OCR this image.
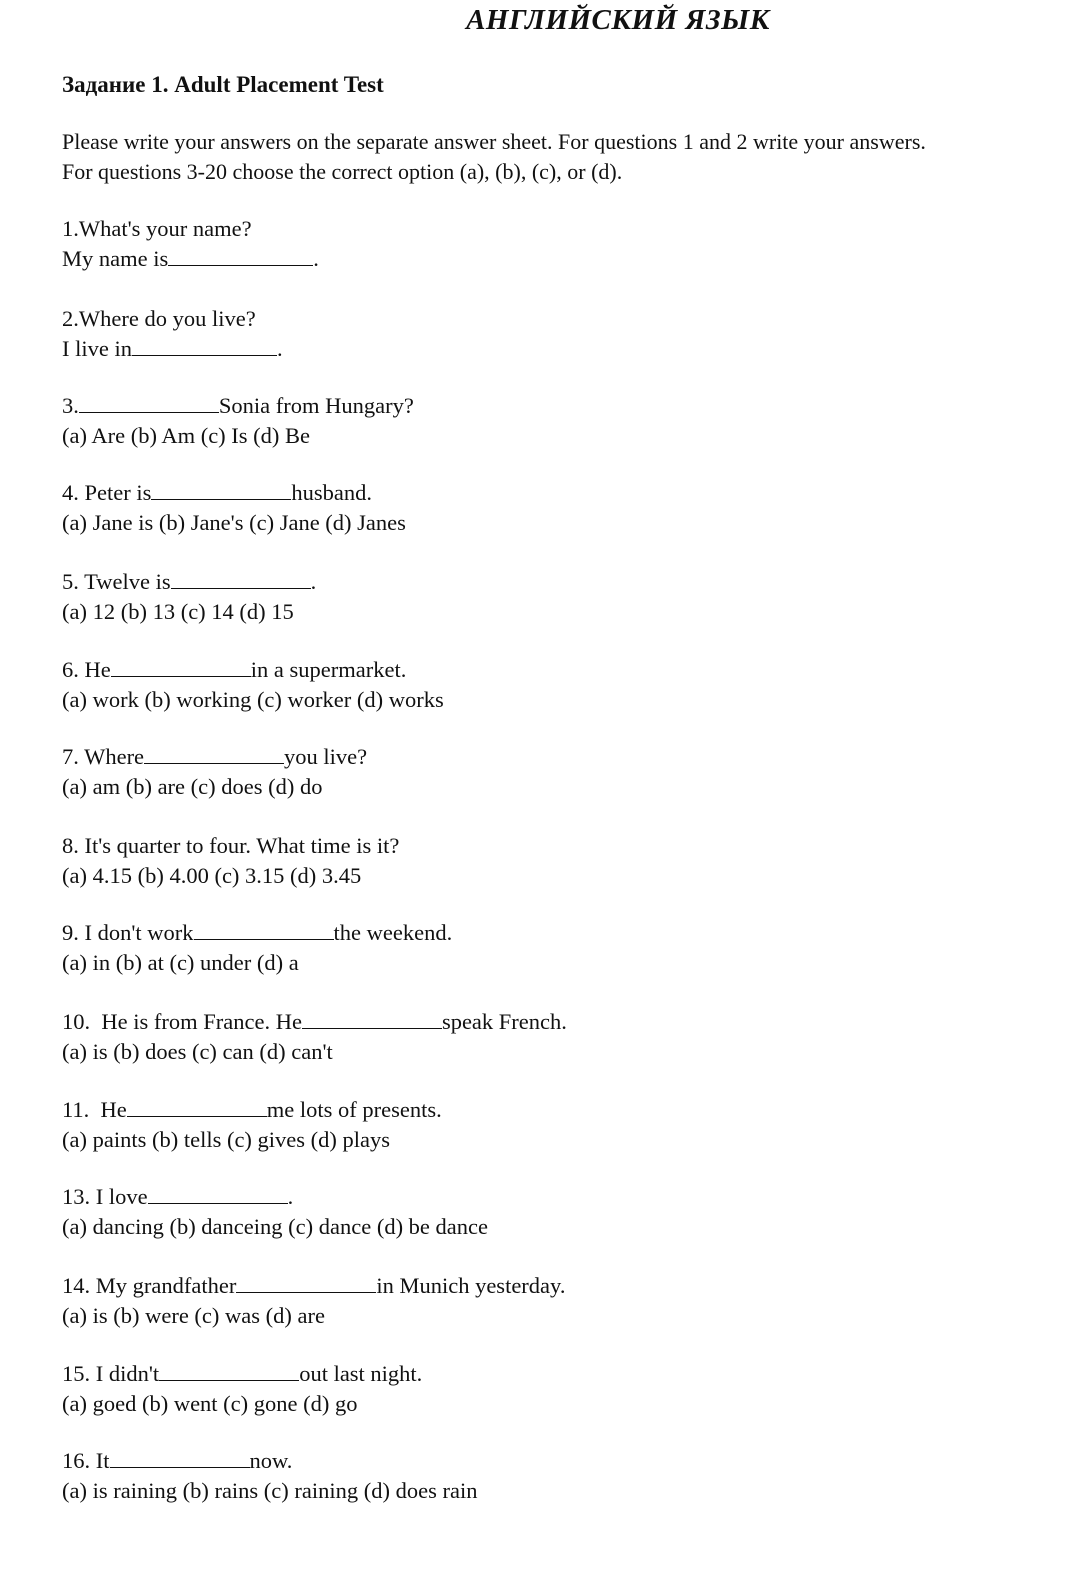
АНГЛИЙСКИЙ ЯЗЫК
Задание 1. Adult Placement Test

Please write your answers on the separate answer sheet. For questions 1 and 2 write your answers.
For questions 3-20 choose the correct option (a), (b), (c), or (d).

1.What's your name?
My name is	.
2.Where do you live?
I live in	.
3.	Sonia from Hungary?
(a) Are (b) Am (c) Is (d) Be
4. Peter is	husband.
(a) Jane is (b) Jane's (c) Jane (d) Janes
5. Twelve is	.
(a) 12 (b) 13 (c) 14 (d) 15
6. He	in a supermarket.
(a) work (b) working (c) worker (d) works
7. Where	you live?
(a) am (b) are (c) does (d) do
8. It's quarter to four. What time is it?
(a) 4.15 (b) 4.00 (c) 3.15 (d) 3.45
9. I don't work	the weekend.
(a) in (b) at (c) under (d) a
10.  He is from France. He	speak French.
(a) is (b) does (c) can (d) can't
11.  He	me lots of presents.
(a) paints (b) tells (c) gives (d) plays
13. I love	.
(a) dancing (b) danceing (c) dance (d) be dance
14. My grandfather	in Munich yesterday.
(a) is (b) were (c) was (d) are
15. I didn't	out last night.
(a) goed (b) went (c) gone (d) go
16. It	now.
(a) is raining (b) rains (c) raining (d) does rain
